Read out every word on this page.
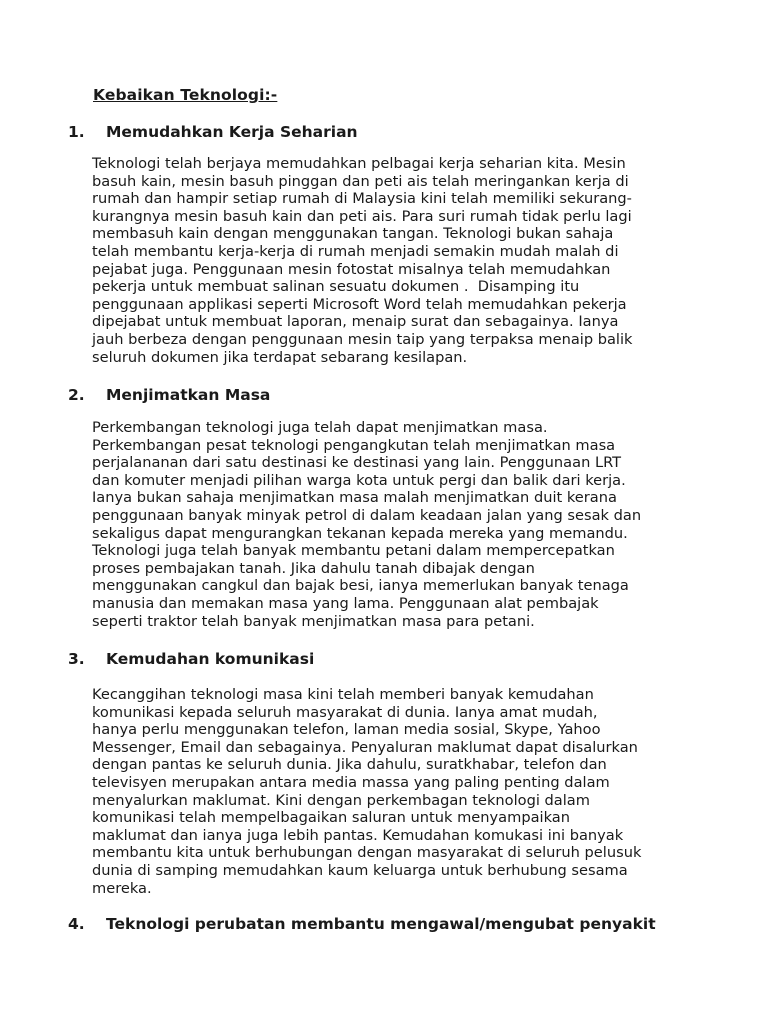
Kebaikan Teknologi:-
1. Memudahkan Kerja Seharian

Teknologi telah berjaya memudahkan pelbagai kerja seharian kita. Mesin
basuh kain, mesin basuh pinggan dan peti ais telah meringankan kerja di
rumah dan hampir setiap rumah di Malaysia kini telah memiliki sekurang-
kurangnya mesin basuh kain dan peti ais. Para suri rumah tidak perlu lagi
membasuh kain dengan menggunakan tangan. Teknologi bukan sahaja
telah membantu kerja-kerja di rumah menjadi semakin mudah malah di
pejabat juga. Penggunaan mesin fotostat misalnya telah memudahkan
pekerja untuk membuat salinan sesuatu dokumen .  Disamping itu
penggunaan applikasi seperti Microsoft Word telah memudahkan pekerja
dipejabat untuk membuat laporan, menaip surat dan sebagainya. Ianya
jauh berbeza dengan penggunaan mesin taip yang terpaksa menaip balik
seluruh dokumen jika terdapat sebarang kesilapan.

2. Menjimatkan Masa

Perkembangan teknologi juga telah dapat menjimatkan masa.
Perkembangan pesat teknologi pengangkutan telah menjimatkan masa
perjalananan dari satu destinasi ke destinasi yang lain. Penggunaan LRT
dan komuter menjadi pilihan warga kota untuk pergi dan balik dari kerja.
Ianya bukan sahaja menjimatkan masa malah menjimatkan duit kerana
penggunaan banyak minyak petrol di dalam keadaan jalan yang sesak dan
sekaligus dapat mengurangkan tekanan kepada mereka yang memandu.
Teknologi juga telah banyak membantu petani dalam mempercepatkan
proses pembajakan tanah. Jika dahulu tanah dibajak dengan
menggunakan cangkul dan bajak besi, ianya memerlukan banyak tenaga
manusia dan memakan masa yang lama. Penggunaan alat pembajak
seperti traktor telah banyak menjimatkan masa para petani.

3. Kemudahan komunikasi

Kecanggihan teknologi masa kini telah memberi banyak kemudahan
komunikasi kepada seluruh masyarakat di dunia. Ianya amat mudah,
hanya perlu menggunakan telefon, laman media sosial, Skype, Yahoo
Messenger, Email dan sebagainya. Penyaluran maklumat dapat disalurkan
dengan pantas ke seluruh dunia. Jika dahulu, suratkhabar, telefon dan
televisyen merupakan antara media massa yang paling penting dalam
menyalurkan maklumat. Kini dengan perkembagan teknologi dalam
komunikasi telah mempelbagaikan saluran untuk menyampaikan
maklumat dan ianya juga lebih pantas. Kemudahan komukasi ini banyak
membantu kita untuk berhubungan dengan masyarakat di seluruh pelusuk
dunia di samping memudahkan kaum keluarga untuk berhubung sesama
mereka.

4. Teknologi perubatan membantu mengawal/mengubat penyakit
